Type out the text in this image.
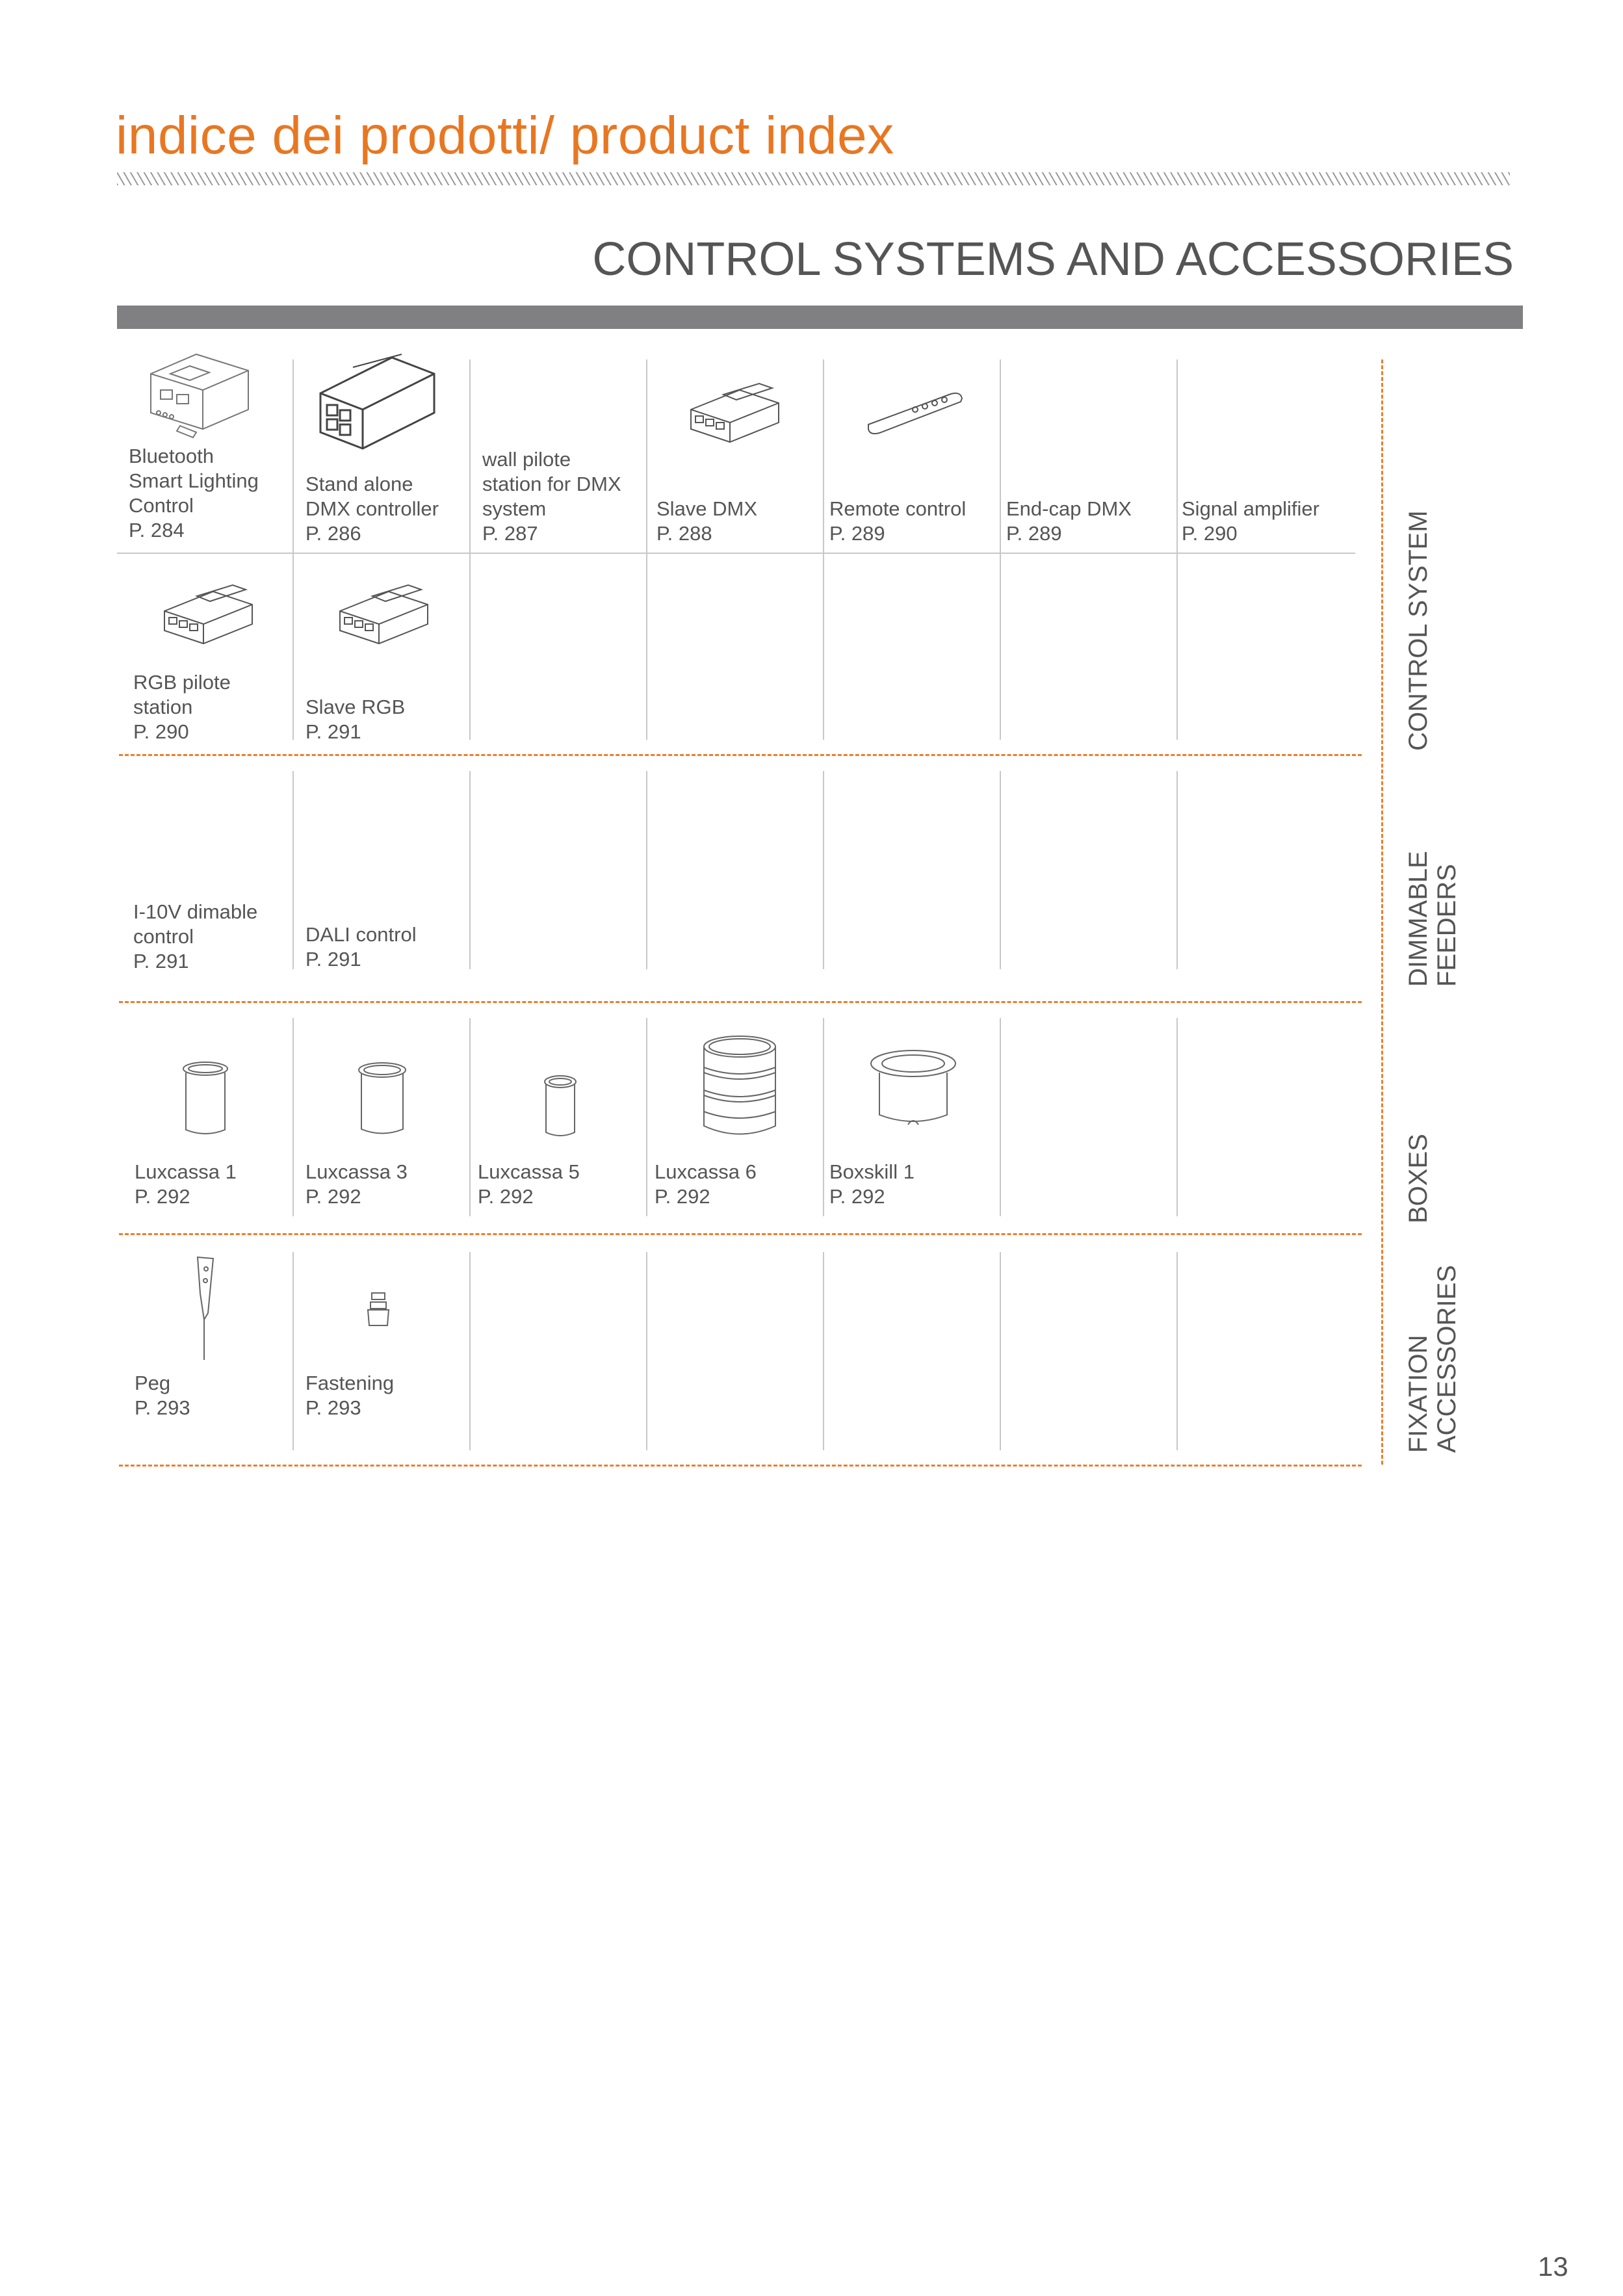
indice dei prodotti/ product index
CONTROL SYSTEMS AND ACCESSORIES
CONTROL SYSTEM
DIMMABLE FEEDERS
BOXES
FIXATION ACCESSORIES
Bluetooth
Smart Lighting
Control
P. 284
Stand alone
DMX controller
P. 286
wall pilote
station for DMX
system
P. 287
Slave DMX
P. 288
Remote control
P. 289
End-cap DMX
P. 289
Signal amplifier
P. 290
RGB pilote
station
P. 290
Slave RGB
P. 291
I-10V dimable
control
P. 291
DALI control
P. 291
Luxcassa 1
P. 292
Luxcassa 3
P. 292
Luxcassa 5
P. 292
Luxcassa 6
P. 292
Boxskill 1
P. 292
Peg
P. 293
Fastening
P. 293
13
